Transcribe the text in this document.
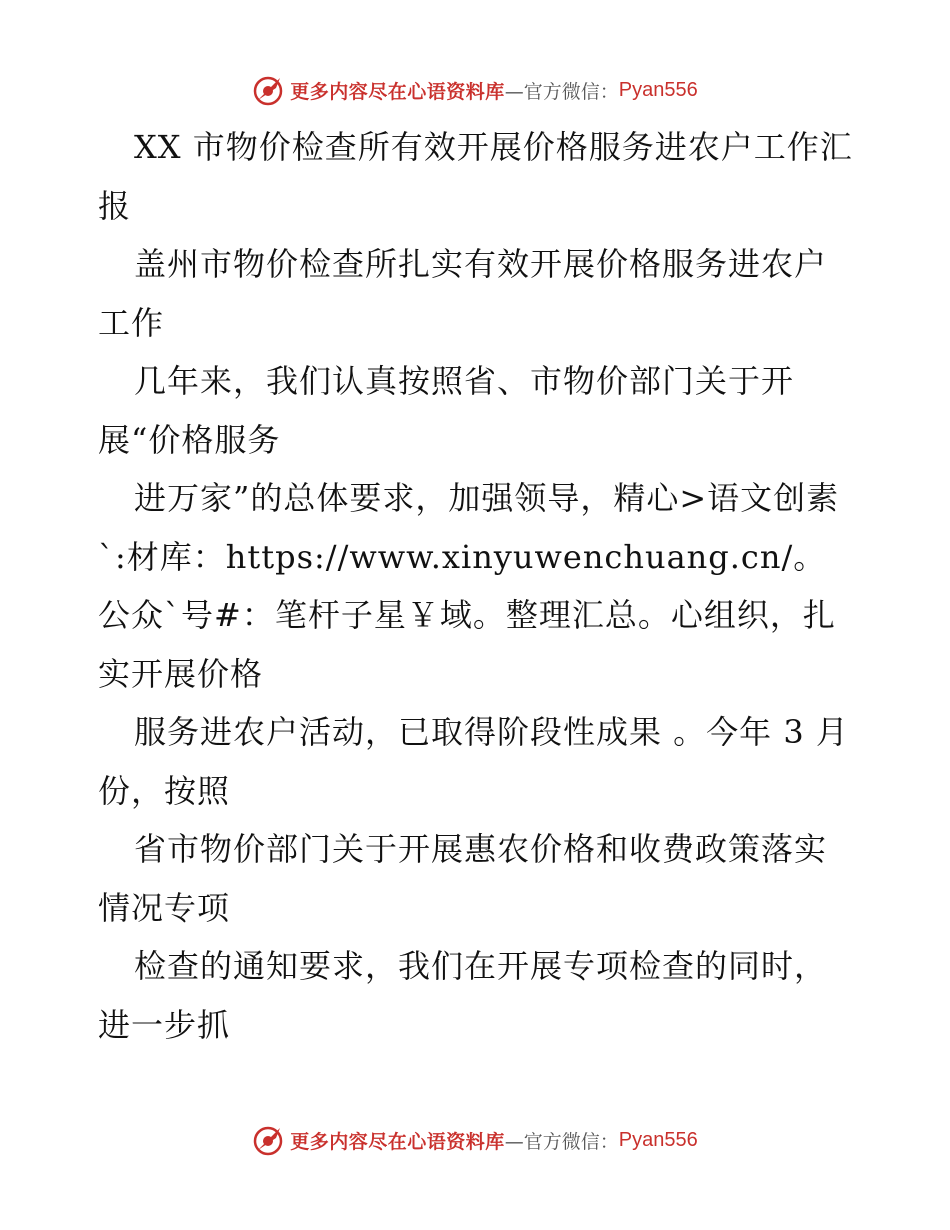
更多内容尽在心语资料库 —官方微信： Pyan556

XX 市物价检查所有效开展价格服务进农户工作汇报

盖州市物价检查所扎实有效开展价格服务进农户工作

几年来，我们认真按照省、市物价部门关于开展“价格服务

进万家”的总体要求，加强领导，精心>语文创素`:材库：https://www.xinyuwenchuang.cn/。公众`号#：笔杆子星￥域。整理汇总。心组织，扎实开展价格

服务进农户活动，已取得阶段性成果 。今年 3 月份，按照

省市物价部门关于开展惠农价格和收费政策落实情况专项

检查的通知要求，我们在开展专项检查的同时，进一步抓

更多内容尽在心语资料库 —官方微信： Pyan556
